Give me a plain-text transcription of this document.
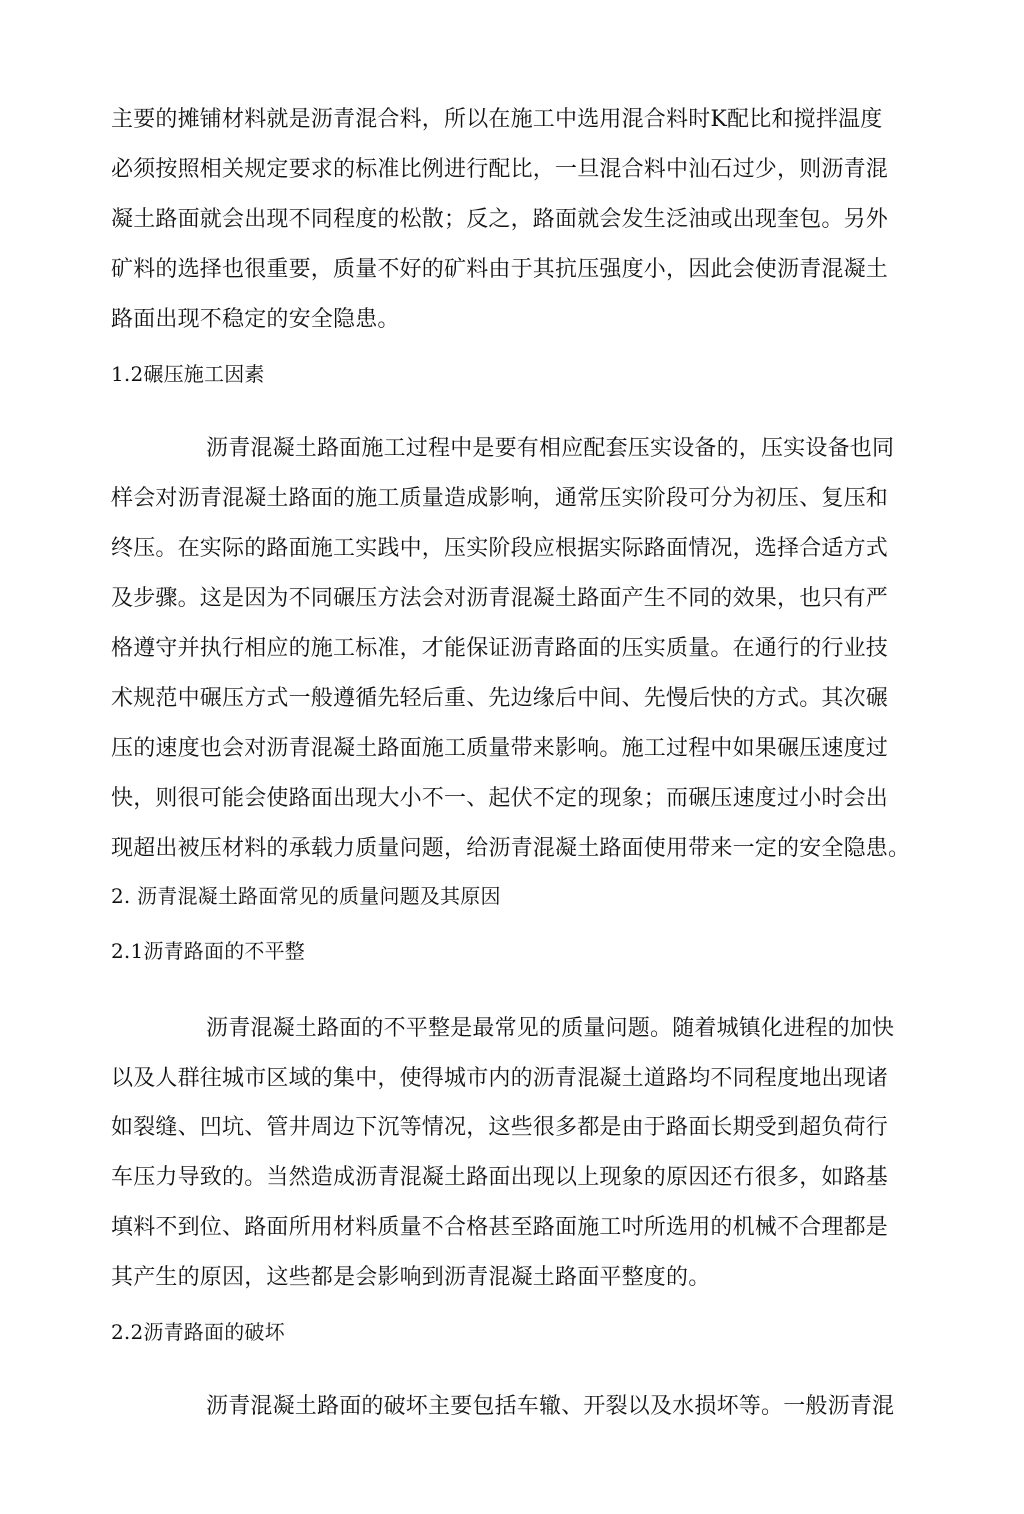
主要的摊铺材料就是沥青混合料，所以在施工中选用混合料时K配比和搅拌温度
必须按照相关规定要求的标准比例进行配比，一旦混合料中汕石过少，则沥青混
凝土路面就会出现不同程度的松散；反之，路面就会发生泛油或出现奎包。另外
矿料的选择也很重要，质量不好的矿料由于其抗压强度小，因此会使沥青混凝土
路面出现不稳定的安全隐患。
1.2碾压施工因素
沥青混凝土路面施工过程中是要有相应配套压实设备的，压实设备也同
样会对沥青混凝土路面的施工质量造成影响，通常压实阶段可分为初压、复压和
终压。在实际的路面施工实践中，压实阶段应根据实际路面情况，选择合适方式
及步骤。这是因为不同碾压方法会对沥青混凝土路面产生不同的效果，也只有严
格遵守并执行相应的施工标准，才能保证沥青路面的压实质量。在通行的行业技
术规范中碾压方式一般遵循先轻后重、先边缘后中间、先慢后快的方式。其次碾
压的速度也会对沥青混凝土路面施工质量带来影响。施工过程中如果碾压速度过
快，则很可能会使路面出现大小不一、起伏不定的现象；而碾压速度过小时会出
现超出被压材料的承载力质量问题，给沥青混凝土路面使用带来一定的安全隐患。
2. 沥青混凝土路面常见的质量问题及其原因
2.1沥青路面的不平整
沥青混凝土路面的不平整是最常见的质量问题。随着城镇化进程的加快
以及人群往城市区域的集中，使得城市内的沥青混凝土道路均不同程度地出现诸
如裂缝、凹坑、管井周边下沉等情况，这些很多都是由于路面长期受到超负荷行
车压力导致的。当然造成沥青混凝土路面出现以上现象的原因还冇很多，如路基
填料不到位、路面所用材料质量不合格甚至路面施工吋所选用的机械不合理都是
其产生的原因，这些都是会影响到沥青混凝土路面平整度的。
2.2沥青路面的破坏
沥青混凝土路面的破坏主要包括车辙、开裂以及水损坏等。一般沥青混
